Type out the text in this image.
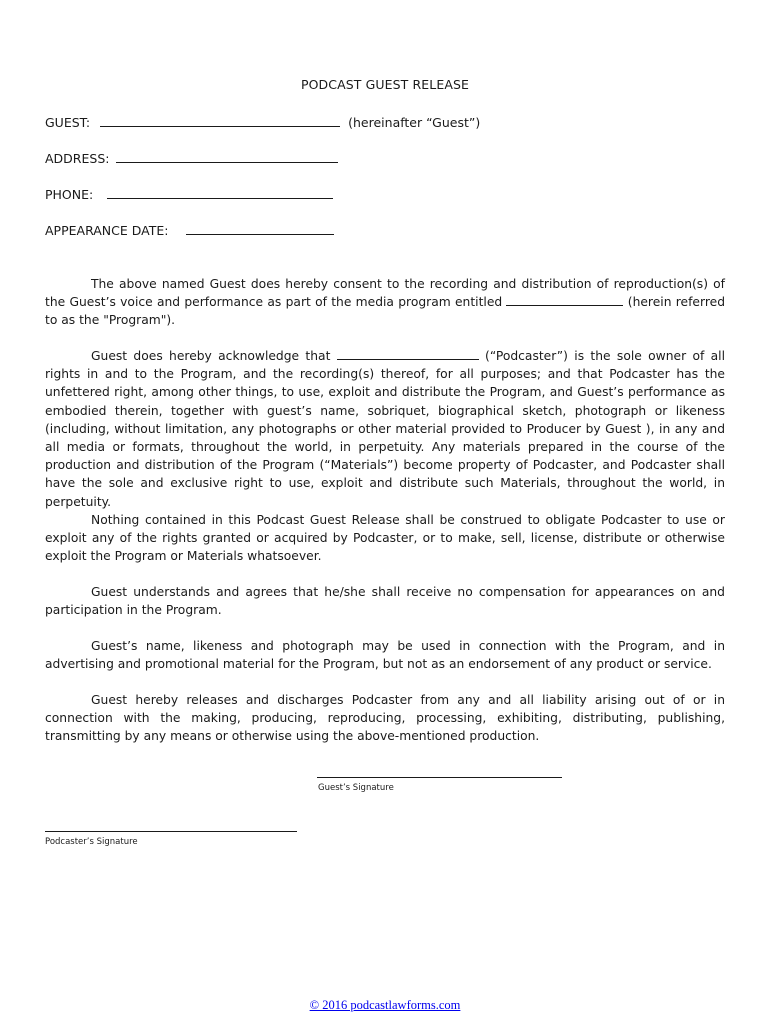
PODCAST GUEST RELEASE
GUEST:	(hereinafter “Guest”)
ADDRESS:
PHONE:
APPEARANCE DATE:

The above named Guest does hereby consent to the recording and distribution of reproduction(s) of the Guest’s voice and performance as part of the media program entitled	(herein referred to as the "Program").

Guest does hereby acknowledge that	(“Podcaster”) is the sole owner of all rights in and to the Program, and the recording(s) thereof, for all purposes; and that Podcaster has the unfettered right, among other things, to use, exploit and distribute the Program, and Guest’s performance as embodied therein, together with guest’s name, sobriquet, biographical sketch, photograph or likeness (including, without limitation, any photographs or other material provided to Producer by Guest ), in any and all media or formats, throughout the world, in perpetuity. Any materials prepared in the course of the production and distribution of the Program (“Materials”) become property of Podcaster, and Podcaster shall have the sole and exclusive right to use, exploit and distribute such Materials, throughout the world, in perpetuity.

Nothing contained in this Podcast Guest Release shall be construed to obligate Podcaster to use or exploit any of the rights granted or acquired by Podcaster, or to make, sell, license, distribute or otherwise exploit the Program or Materials whatsoever.

Guest understands and agrees that he/she shall receive no compensation for appearances on and participation in the Program.

Guest’s name, likeness and photograph may be used in connection with the Program, and in advertising and promotional material for the Program, but not as an endorsement of any product or service.

Guest hereby releases and discharges Podcaster from any and all liability arising out of or in connection with the making, producing, reproducing, processing, exhibiting, distributing, publishing, transmitting by any means or otherwise using the above-mentioned production.

Guest’s Signature
Podcaster’s Signature
© 2016 podcastlawforms.com
